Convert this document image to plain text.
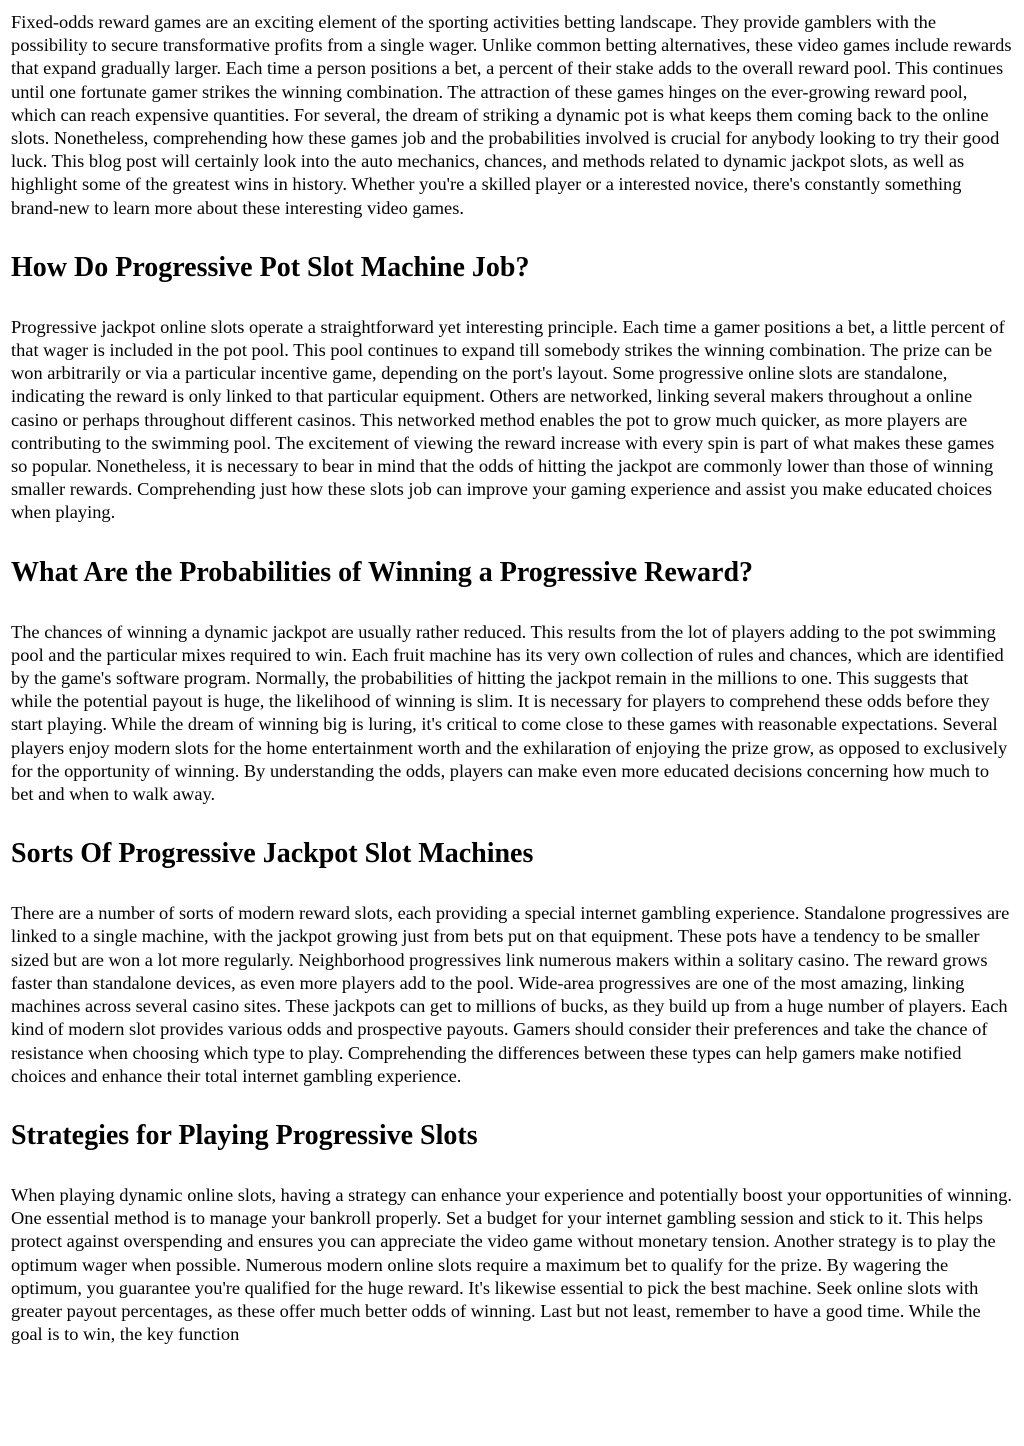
Fixed-odds reward games are an exciting element of the sporting activities betting landscape. They provide gamblers with the possibility to secure transformative profits from a single wager. Unlike common betting alternatives, these video games include rewards that expand gradually larger. Each time a person positions a bet, a percent of their stake adds to the overall reward pool. This continues until one fortunate gamer strikes the winning combination. The attraction of these games hinges on the ever-growing reward pool, which can reach expensive quantities. For several, the dream of striking a dynamic pot is what keeps them coming back to the online slots. Nonetheless, comprehending how these games job and the probabilities involved is crucial for anybody looking to try their good luck. This blog post will certainly look into the auto mechanics, chances, and methods related to dynamic jackpot slots, as well as highlight some of the greatest wins in history. Whether you're a skilled player or a interested novice, there's constantly something brand-new to learn more about these interesting video games.

How Do Progressive Pot Slot Machine Job?

Progressive jackpot online slots operate a straightforward yet interesting principle. Each time a gamer positions a bet, a little percent of that wager is included in the pot pool. This pool continues to expand till somebody strikes the winning combination. The prize can be won arbitrarily or via a particular incentive game, depending on the port's layout. Some progressive online slots are standalone, indicating the reward is only linked to that particular equipment. Others are networked, linking several makers throughout a online casino or perhaps throughout different casinos. This networked method enables the pot to grow much quicker, as more players are contributing to the swimming pool. The excitement of viewing the reward increase with every spin is part of what makes these games so popular. Nonetheless, it is necessary to bear in mind that the odds of hitting the jackpot are commonly lower than those of winning smaller rewards. Comprehending just how these slots job can improve your gaming experience and assist you make educated choices when playing.

What Are the Probabilities of Winning a Progressive Reward?

The chances of winning a dynamic jackpot are usually rather reduced. This results from the lot of players adding to the pot swimming pool and the particular mixes required to win. Each fruit machine has its very own collection of rules and chances, which are identified by the game's software program. Normally, the probabilities of hitting the jackpot remain in the millions to one. This suggests that while the potential payout is huge, the likelihood of winning is slim. It is necessary for players to comprehend these odds before they start playing. While the dream of winning big is luring, it's critical to come close to these games with reasonable expectations. Several players enjoy modern slots for the home entertainment worth and the exhilaration of enjoying the prize grow, as opposed to exclusively for the opportunity of winning. By understanding the odds, players can make even more educated decisions concerning how much to bet and when to walk away.

Sorts Of Progressive Jackpot Slot Machines

There are a number of sorts of modern reward slots, each providing a special internet gambling experience. Standalone progressives are linked to a single machine, with the jackpot growing just from bets put on that equipment. These pots have a tendency to be smaller sized but are won a lot more regularly. Neighborhood progressives link numerous makers within a solitary casino. The reward grows faster than standalone devices, as even more players add to the pool. Wide-area progressives are one of the most amazing, linking machines across several casino sites. These jackpots can get to millions of bucks, as they build up from a huge number of players. Each kind of modern slot provides various odds and prospective payouts. Gamers should consider their preferences and take the chance of resistance when choosing which type to play. Comprehending the differences between these types can help gamers make notified choices and enhance their total internet gambling experience.

Strategies for Playing Progressive Slots

When playing dynamic online slots, having a strategy can enhance your experience and potentially boost your opportunities of winning. One essential method is to manage your bankroll properly. Set a budget for your internet gambling session and stick to it. This helps protect against overspending and ensures you can appreciate the video game without monetary tension. Another strategy is to play the optimum wager when possible. Numerous modern online slots require a maximum bet to qualify for the prize. By wagering the optimum, you guarantee you're qualified for the huge reward. It's likewise essential to pick the best machine. Seek online slots with greater payout percentages, as these offer much better odds of winning. Last but not least, remember to have a good time. While the goal is to win, the key function
